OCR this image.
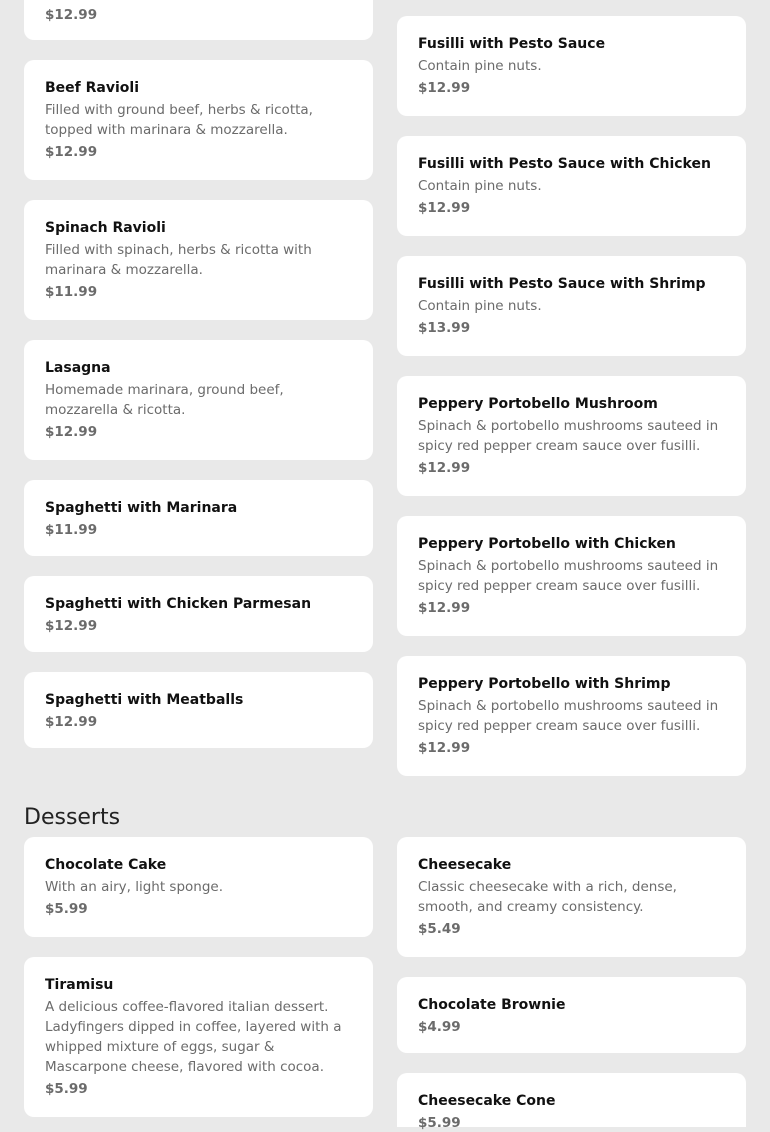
$12.99
Beef Ravioli
Filled with ground beef, herbs & ricotta, topped with marinara & mozzarella.
$12.99
Spinach Ravioli
Filled with spinach, herbs & ricotta with marinara & mozzarella.
$11.99
Lasagna
Homemade marinara, ground beef, mozzarella & ricotta.
$12.99
Spaghetti with Marinara
$11.99
Spaghetti with Chicken Parmesan
$12.99
Spaghetti with Meatballs
$12.99
Fusilli with Pesto Sauce
Contain pine nuts.
$12.99
Fusilli with Pesto Sauce with Chicken
Contain pine nuts.
$12.99
Fusilli with Pesto Sauce with Shrimp
Contain pine nuts.
$13.99
Peppery Portobello Mushroom
Spinach & portobello mushrooms sauteed in spicy red pepper cream sauce over fusilli.
$12.99
Peppery Portobello with Chicken
Spinach & portobello mushrooms sauteed in spicy red pepper cream sauce over fusilli.
$12.99
Peppery Portobello with Shrimp
Spinach & portobello mushrooms sauteed in spicy red pepper cream sauce over fusilli.
$12.99
Desserts
Chocolate Cake
With an airy, light sponge.
$5.99
Tiramisu
A delicious coffee-flavored italian dessert. Ladyfingers dipped in coffee, layered with a whipped mixture of eggs, sugar & Mascarpone cheese, flavored with cocoa.
$5.99
Cheesecake
Classic cheesecake with a rich, dense, smooth, and creamy consistency.
$5.49
Chocolate Brownie
$4.99
Cheesecake Cone
$5.99
